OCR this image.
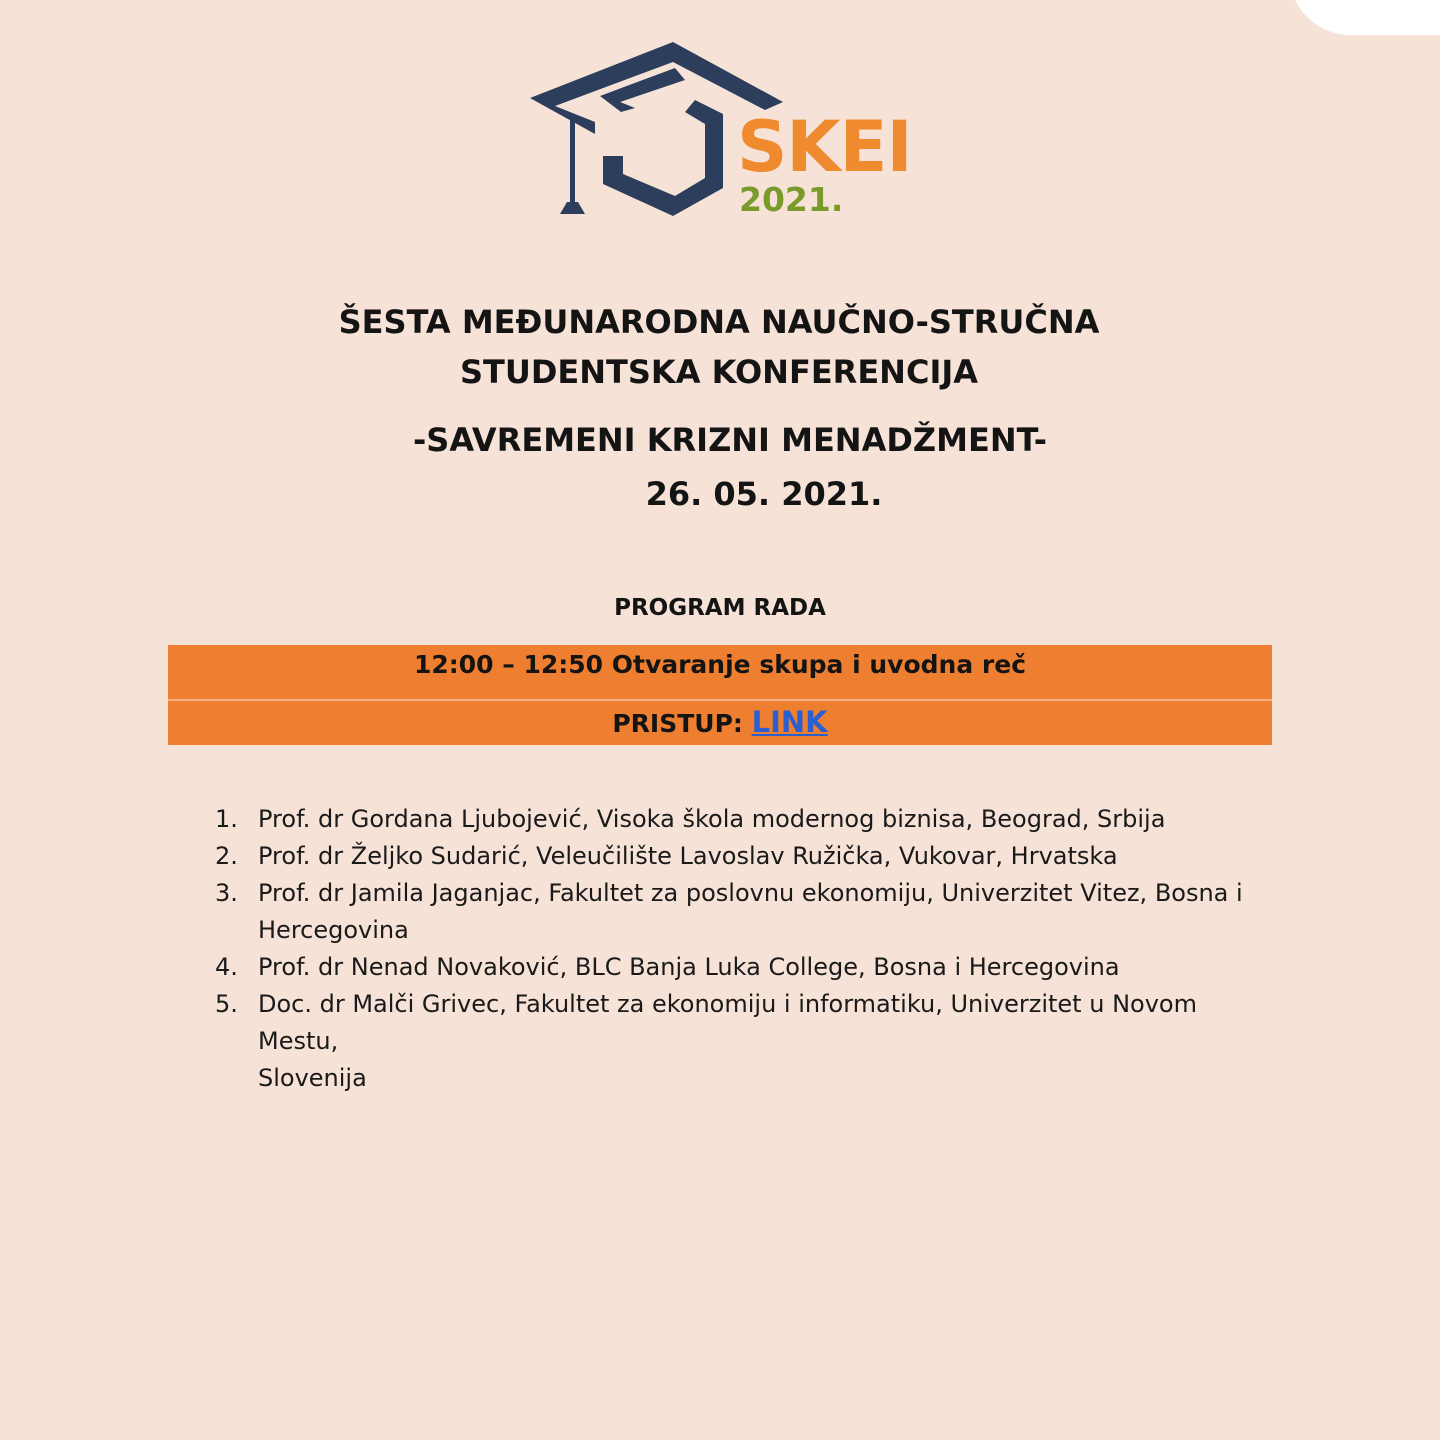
SKEI
2021.
ŠESTA MEĐUNARODNA NAUČNO-STRUČNA
STUDENTSKA KONFERENCIJA
-SAVREMENI KRIZNI MENADŽMENT-
26. 05. 2021.
PROGRAM RADA
12:00 – 12:50 Otvaranje skupa i uvodna reč
PRISTUP: LINK
1. Prof. dr Gordana Ljubojević, Visoka škola modernog biznisa, Beograd, Srbija
2. Prof. dr Željko Sudarić, Veleučilište Lavoslav Ružička, Vukovar, Hrvatska
3. Prof. dr Jamila Jaganjac, Fakultet za poslovnu ekonomiju, Univerzitet Vitez, Bosna i
Hercegovina
4. Prof. dr Nenad Novaković, BLC Banja Luka College, Bosna i Hercegovina
5. Doc. dr Malči Grivec, Fakultet za ekonomiju i informatiku, Univerzitet u Novom Mestu,
Slovenija
